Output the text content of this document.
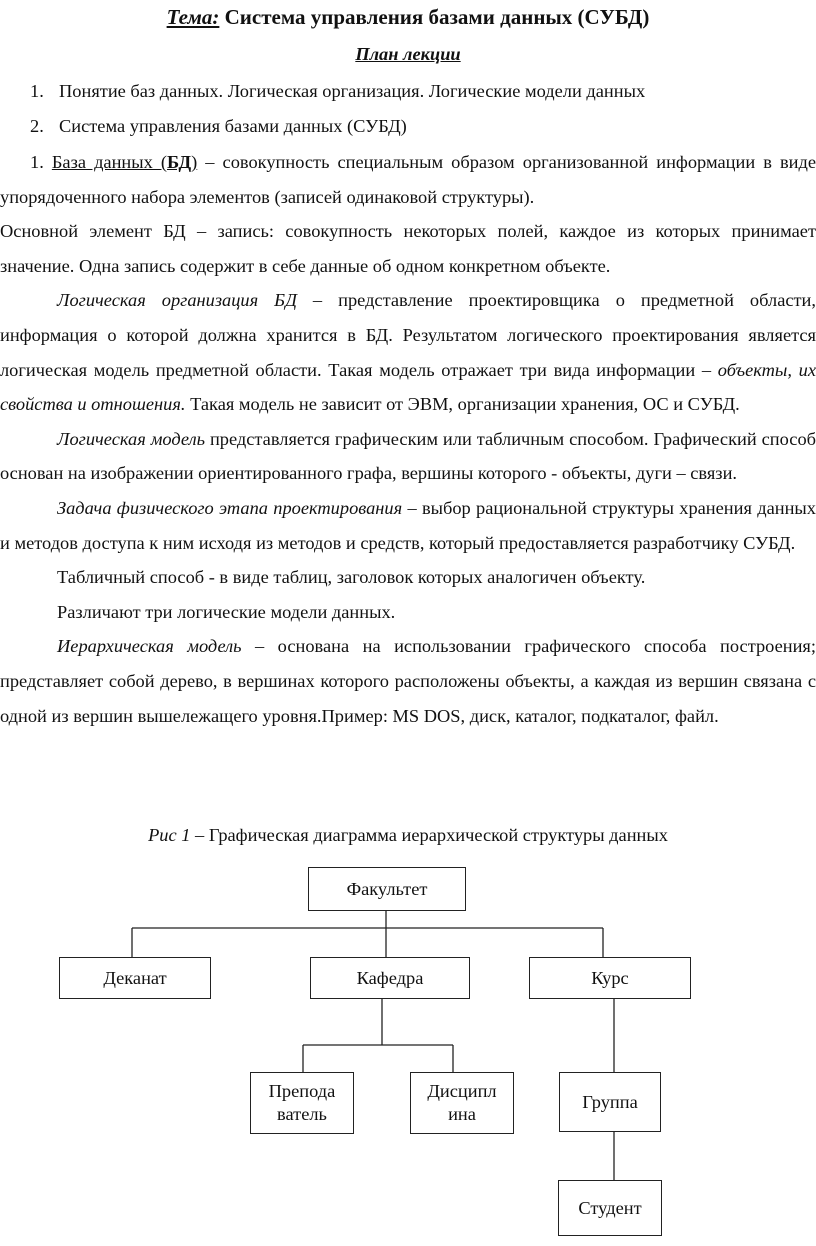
Тема: Система управления базами данных (СУБД)
План лекции
1. Понятие баз данных. Логическая организация. Логические модели данных
2. Система управления базами данных (СУБД)

1. База данных (БД) – совокупность специальным образом организованной информации в виде упорядоченного набора элементов (записей одинаковой структуры).

Основной элемент БД – запись: совокупность некоторых полей, каждое из которых принимает значение. Одна запись содержит в себе данные об одном конкретном объекте.

Логическая организация БД – представление проектировщика о предметной области, информация о которой должна хранится в БД. Результатом логического проектирования является логическая модель предметной области. Такая модель отражает три вида информации – объекты, их свойства и отношения. Такая модель не зависит от ЭВМ, организации хранения, ОС и СУБД.

Логическая модель представляется графическим или табличным способом. Графический способ основан на изображении ориентированного графа, вершины которого - объекты, дуги – связи.

Задача физического этапа проектирования – выбор рациональной структуры хранения данных и методов доступа к ним исходя из методов и средств, который предоставляется разработчику СУБД.

Табличный способ - в виде таблиц, заголовок которых аналогичен объекту.

Различают три логические модели данных.

Иерархическая модель – основана на использовании графического способа построения; представляет собой дерево, в вершинах которого расположены объекты, а каждая из вершин связана с одной из вершин вышележащего уровня.Пример: MS DOS, диск, каталог, подкаталог, файл.

Рис 1 – Графическая диаграмма иерархической структуры данных
Факультет
Деканат	Кафедра	Курс
Препода
ватель
Дисципл
ина
Группа
Студент
